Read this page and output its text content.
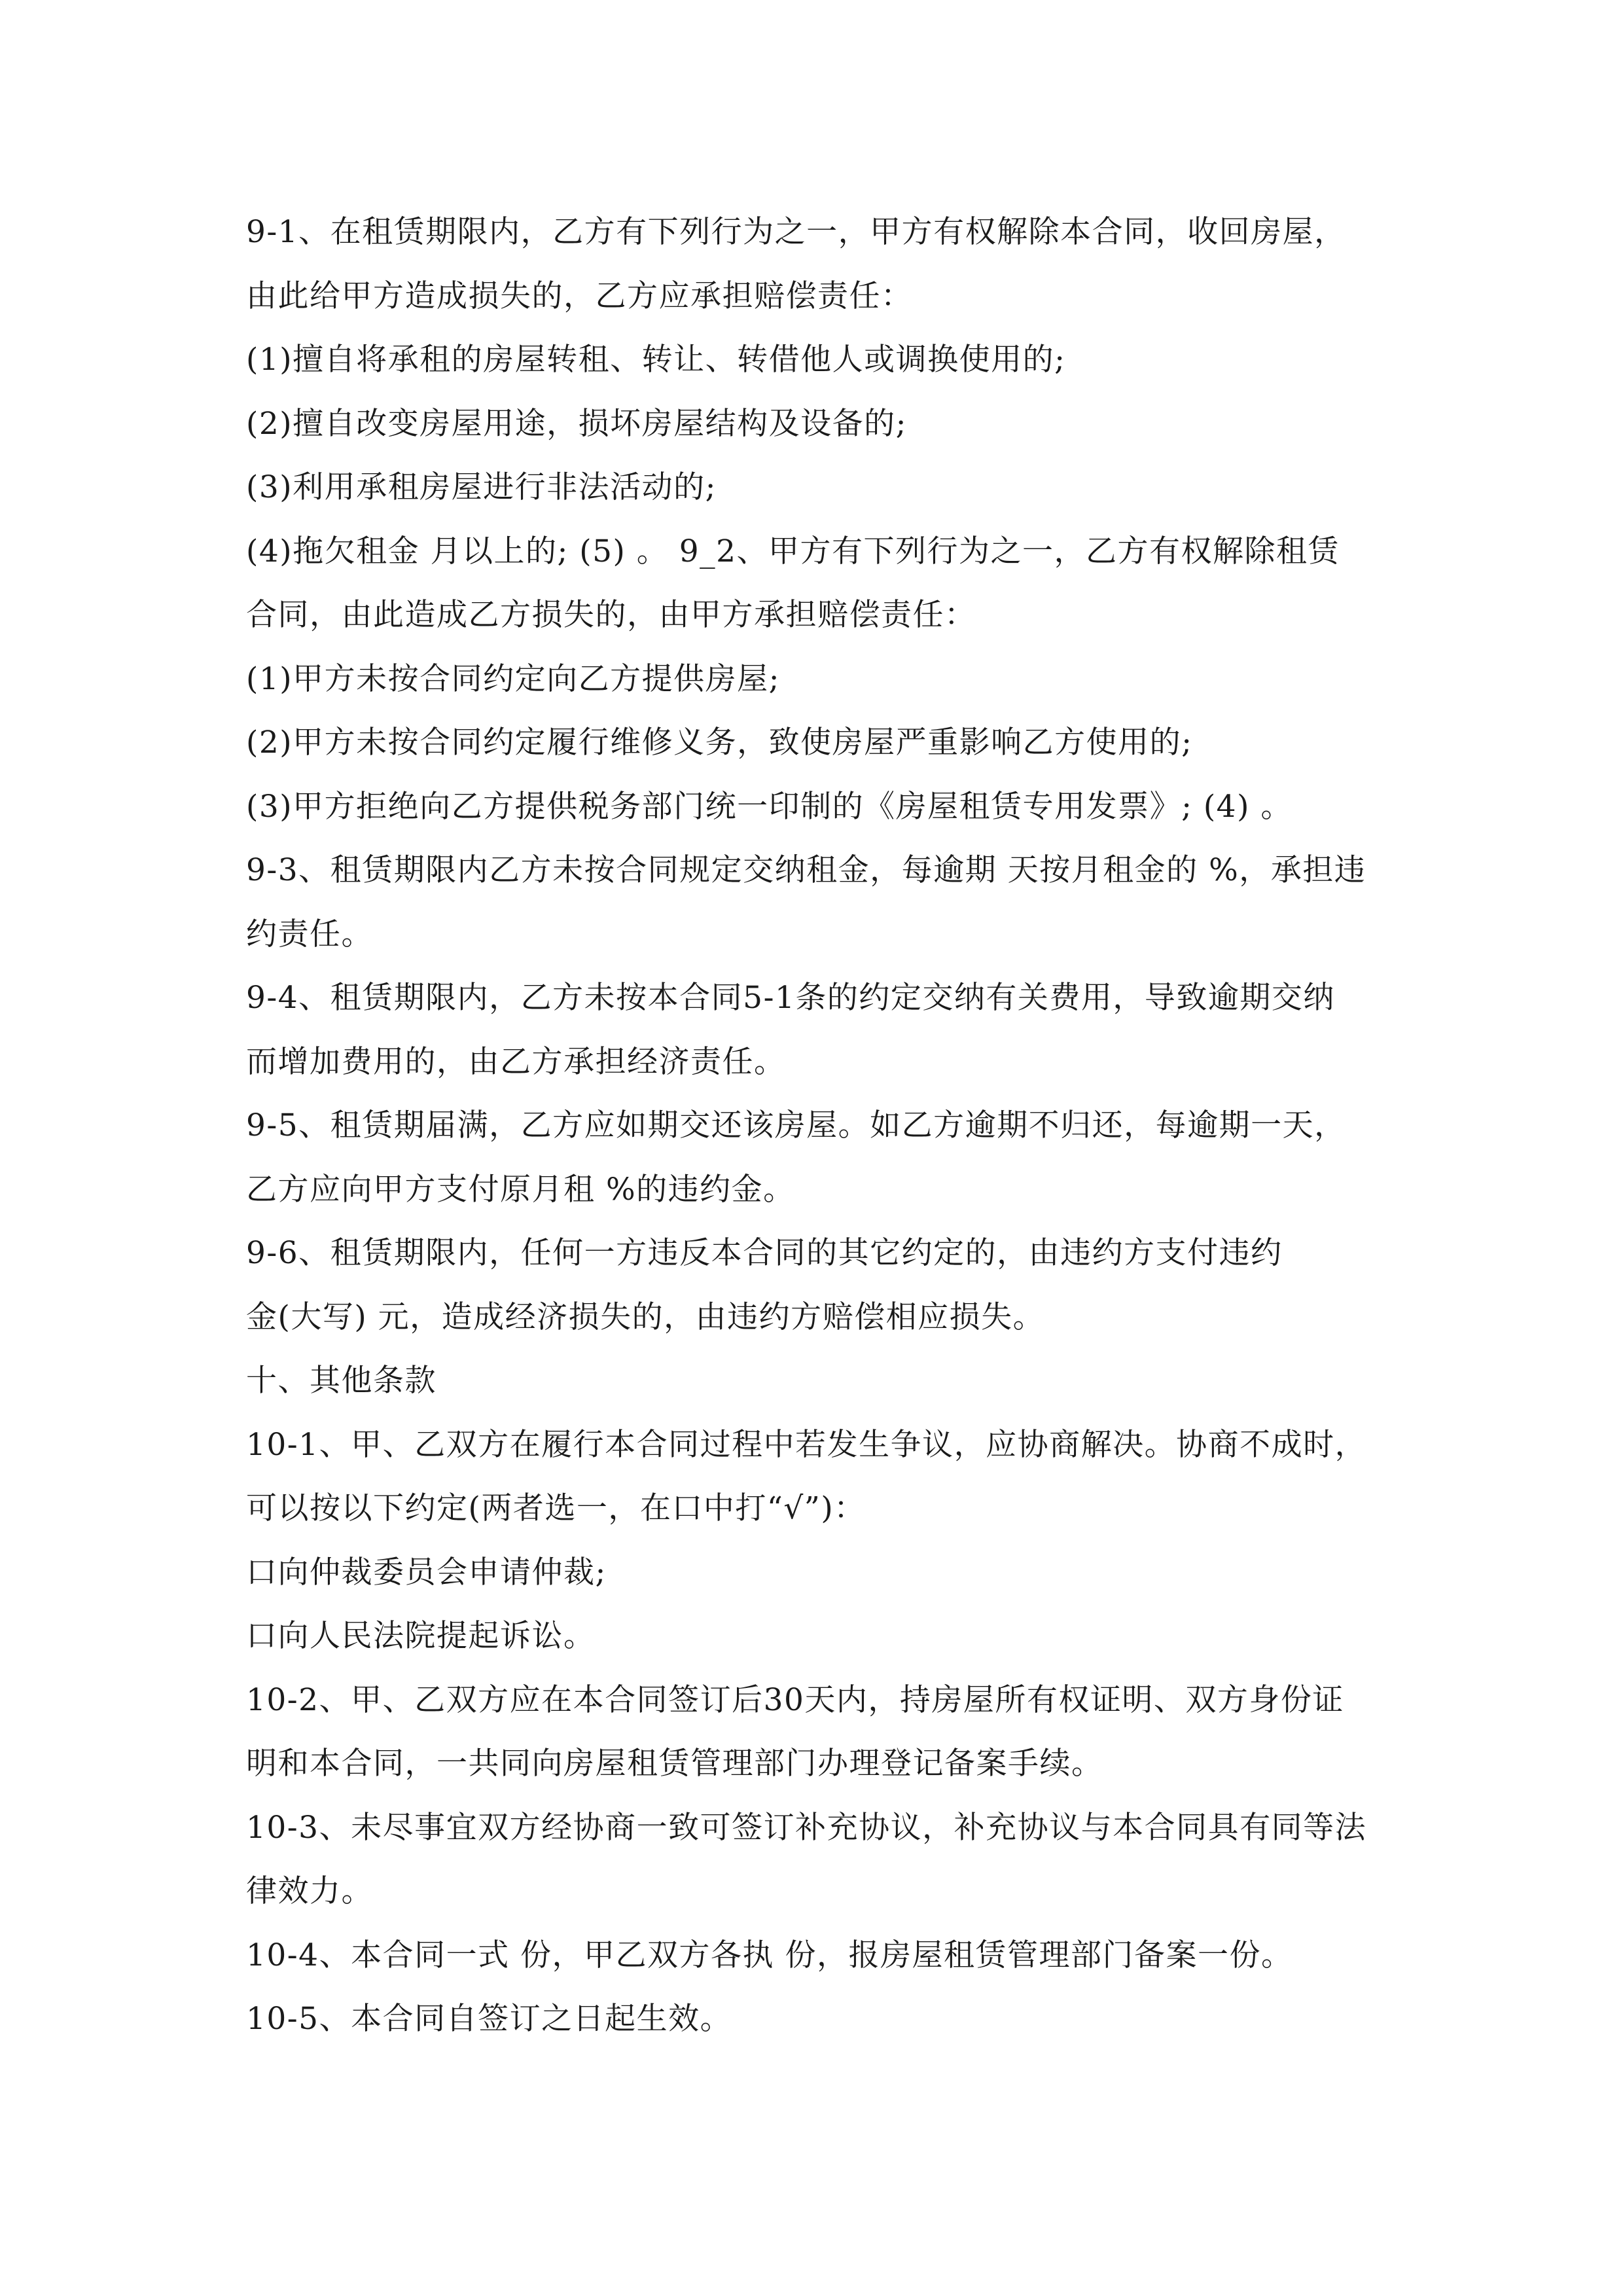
9-1、在租赁期限内，乙方有下列行为之一，甲方有权解除本合同，收回房屋，
由此给甲方造成损失的，乙方应承担赔偿责任：
(1)擅自将承租的房屋转租、转让、转借他人或调换使用的;
(2)擅自改变房屋用途，损坏房屋结构及设备的;
(3)利用承租房屋进行非法活动的;
(4)拖欠租金 月以上的; (5) 。 9_2、甲方有下列行为之一，乙方有权解除租赁
合同，由此造成乙方损失的，由甲方承担赔偿责任：
(1)甲方未按合同约定向乙方提供房屋;
(2)甲方未按合同约定履行维修义务，致使房屋严重影响乙方使用的;
(3)甲方拒绝向乙方提供税务部门统一印制的《房屋租赁专用发票》; (4) 。
9-3、租赁期限内乙方未按合同规定交纳租金，每逾期 天按月租金的 %，承担违
约责任。
9-4、租赁期限内，乙方未按本合同5-1条的约定交纳有关费用，导致逾期交纳
而增加费用的，由乙方承担经济责任。
9-5、租赁期届满，乙方应如期交还该房屋。如乙方逾期不归还，每逾期一天，
乙方应向甲方支付原月租 %的违约金。
9-6、租赁期限内，任何一方违反本合同的其它约定的，由违约方支付违约
金(大写) 元，造成经济损失的，由违约方赔偿相应损失。
十、其他条款
10-1、甲、乙双方在履行本合同过程中若发生争议，应协商解决。协商不成时，
可以按以下约定(两者选一，在口中打“√”)：
口向仲裁委员会申请仲裁;
口向人民法院提起诉讼。
10-2、甲、乙双方应在本合同签订后30天内，持房屋所有权证明、双方身份证
明和本合同，一共同向房屋租赁管理部门办理登记备案手续。
10-3、未尽事宜双方经协商一致可签订补充协议，补充协议与本合同具有同等法
律效力。
10-4、本合同一式 份，甲乙双方各执 份，报房屋租赁管理部门备案一份。
10-5、本合同自签订之日起生效。
